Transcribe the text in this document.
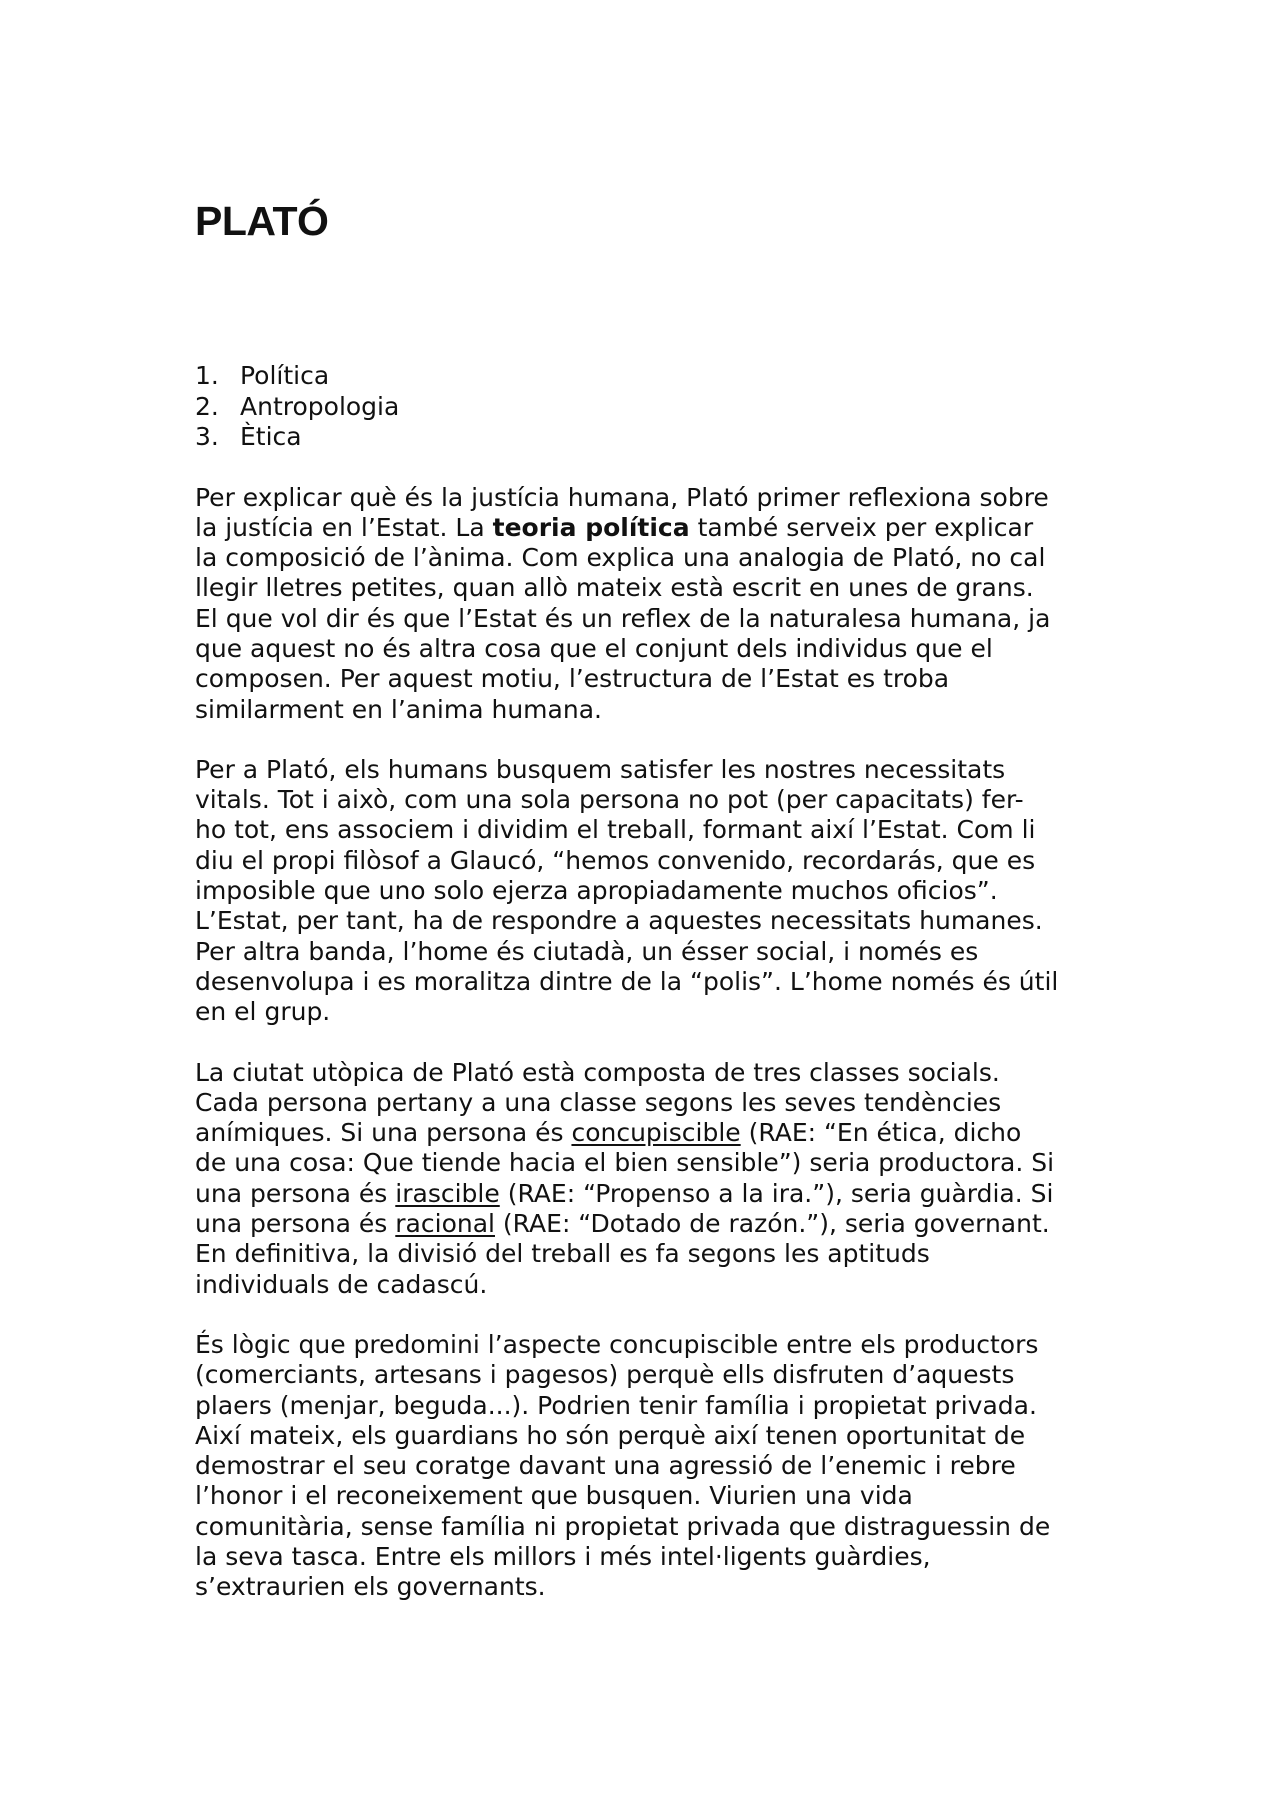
PLATÓ
1. Política
2. Antropologia
3. Ètica

Per explicar què és la justícia humana, Plató primer reflexiona sobre
la justícia en l’Estat. La teoria política també serveix per explicar
la composició de l’ànima. Com explica una analogia de Plató, no cal
llegir lletres petites, quan allò mateix està escrit en unes de grans.
El que vol dir és que l’Estat és un reflex de la naturalesa humana, ja
que aquest no és altra cosa que el conjunt dels individus que el
composen. Per aquest motiu, l’estructura de l’Estat es troba
similarment en l’anima humana.

Per a Plató, els humans busquem satisfer les nostres necessitats
vitals. Tot i això, com una sola persona no pot (per capacitats) fer-
ho tot, ens associem i dividim el treball, formant així l’Estat. Com li
diu el propi filòsof a Glaucó, “hemos convenido, recordarás, que es
imposible que uno solo ejerza apropiadamente muchos oficios”.
L’Estat, per tant, ha de respondre a aquestes necessitats humanes.
Per altra banda, l’home és ciutadà, un ésser social, i només es
desenvolupa i es moralitza dintre de la “polis”. L’home només és útil
en el grup.

La ciutat utòpica de Plató està composta de tres classes socials.
Cada persona pertany a una classe segons les seves tendències
anímiques. Si una persona és concupiscible (RAE: “En ética, dicho
de una cosa: Que tiende hacia el bien sensible”) seria productora. Si
una persona és irascible (RAE: “Propenso a la ira.”), seria guàrdia. Si
una persona és racional (RAE: “Dotado de razón.”), seria governant.
En definitiva, la divisió del treball es fa segons les aptituds
individuals de cadascú.

És lògic que predomini l’aspecte concupiscible entre els productors
(comerciants, artesans i pagesos) perquè ells disfruten d’aquests
plaers (menjar, beguda...). Podrien tenir família i propietat privada.
Així mateix, els guardians ho són perquè així tenen oportunitat de
demostrar el seu coratge davant una agressió de l’enemic i rebre
l’honor i el reconeixement que busquen. Viurien una vida
comunitària, sense família ni propietat privada que distraguessin de
la seva tasca. Entre els millors i més intel·ligents guàrdies,
s’extraurien els governants.
